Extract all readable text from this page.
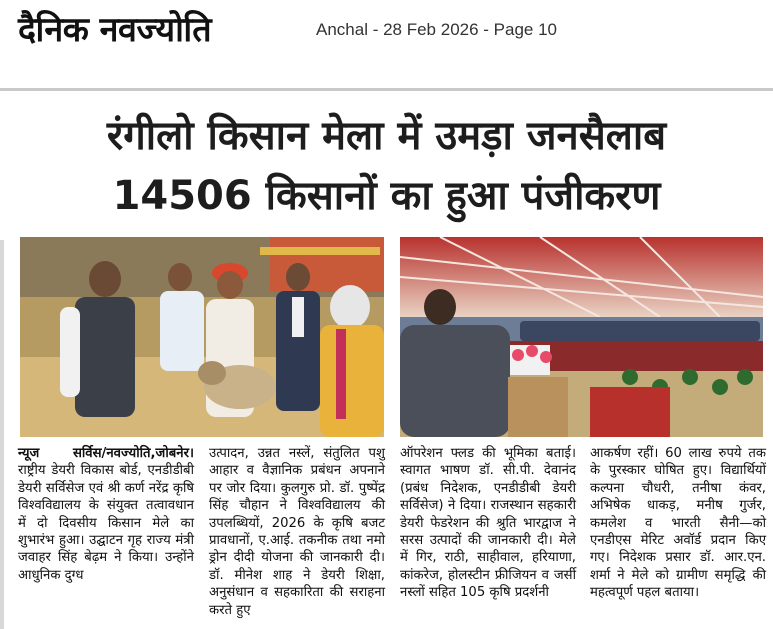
दैनिक नवज्योति	Anchal - 28 Feb 2026 - Page 10
रंगीलो किसान मेला में उमड़ा जनसैलाब
14506 किसानों का हुआ पंजीकरण
न्यूज सर्विस/नवज्योति,जोबनेर। राष्ट्रीय डेयरी विकास बोर्ड, एनडीडीबी डेयरी सर्विसेज एवं श्री कर्ण नरेंद्र कृषि विश्वविद्यालय के संयुक्त तत्वावधान में दो दिवसीय किसान मेले का शुभारंभ हुआ। उद्घाटन गृह राज्य मंत्री जवाहर सिंह बेढ़म ने किया। उन्होंने आधुनिक दुग्ध
उत्पादन, उन्नत नस्लें, संतुलित पशु आहार व वैज्ञानिक प्रबंधन अपनाने पर जोर दिया। कुलगुरु प्रो. डॉ. पुष्पेंद्र सिंह चौहान ने विश्वविद्यालय की उपलब्धियों, 2026 के कृषि बजट प्रावधानों, ए.आई. तकनीक तथा नमो ड्रोन दीदी योजना की जानकारी दी। डॉ. मीनेश शाह ने डेयरी शिक्षा, अनुसंधान व सहकारिता की सराहना करते हुए
ऑपरेशन फ्लड की भूमिका बताई। स्वागत भाषण डॉ. सी.पी. देवानंद (प्रबंध निदेशक, एनडीडीबी डेयरी सर्विसेज) ने दिया। राजस्थान सहकारी डेयरी फेडरेशन की श्रुति भारद्वाज ने सरस उत्पादों की जानकारी दी। मेले में गिर, राठी, साहीवाल, हरियाणा, कांकरेज, होलस्टीन फ्रीजियन व जर्सी नस्लों सहित 105 कृषि प्रदर्शनी
आकर्षण रहीं। 60 लाख रुपये तक के पुरस्कार घोषित हुए। विद्यार्थियों कल्पना चौधरी, तनीषा कंवर, अभिषेक धाकड़, मनीष गुर्जर, कमलेश व भारती सैनी—को एनडीएस मेरिट अवॉर्ड प्रदान किए गए। निदेशक प्रसार डॉ. आर.एन. शर्मा ने मेले को ग्रामीण समृद्धि की महत्वपूर्ण पहल बताया।
